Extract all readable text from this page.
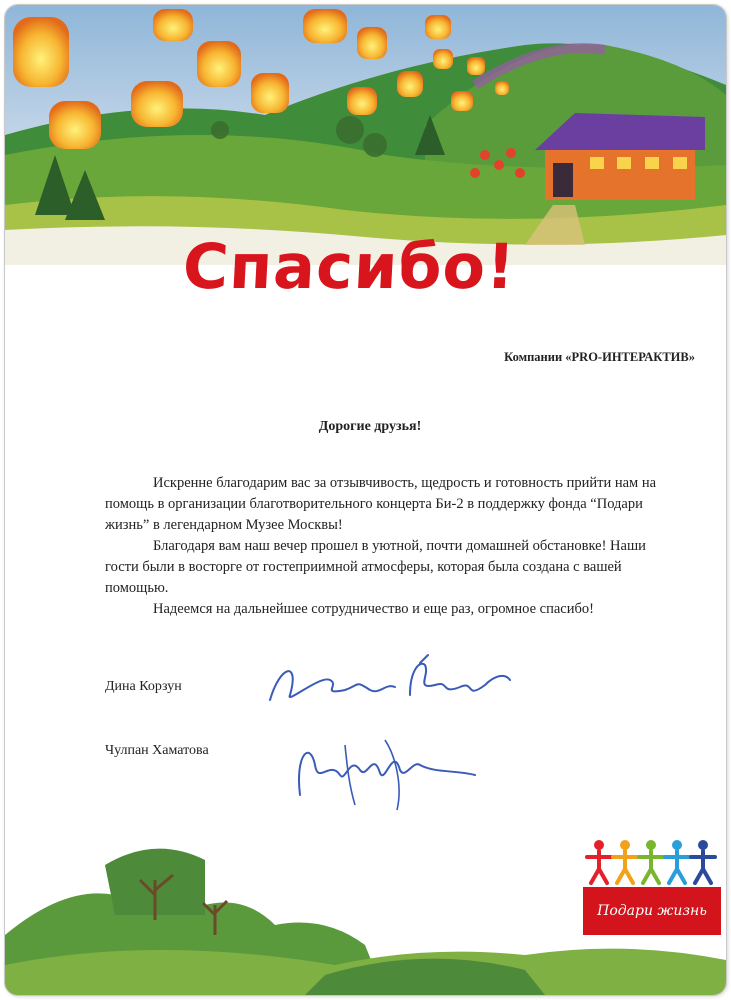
Спасибо!
Компании «PRO-ИНТЕРАКТИВ»
Дорогие друзья!

Искренне благодарим вас за отзывчивость, щедрость и готовность прийти нам на помощь в организации благотворительного концерта Би-2 в поддержку фонда “Подари жизнь” в легендарном Музее Москвы!

Благодаря вам наш вечер прошел в уютной, почти домашней обстановке! Наши гости были в восторге от гостеприимной атмосферы, которая была создана с вашей помощью.

Надеемся на дальнейшее сотрудничество и еще раз, огромное спасибо!

Дина Корзун
Чулпан Хаматова
Подари жизнь
